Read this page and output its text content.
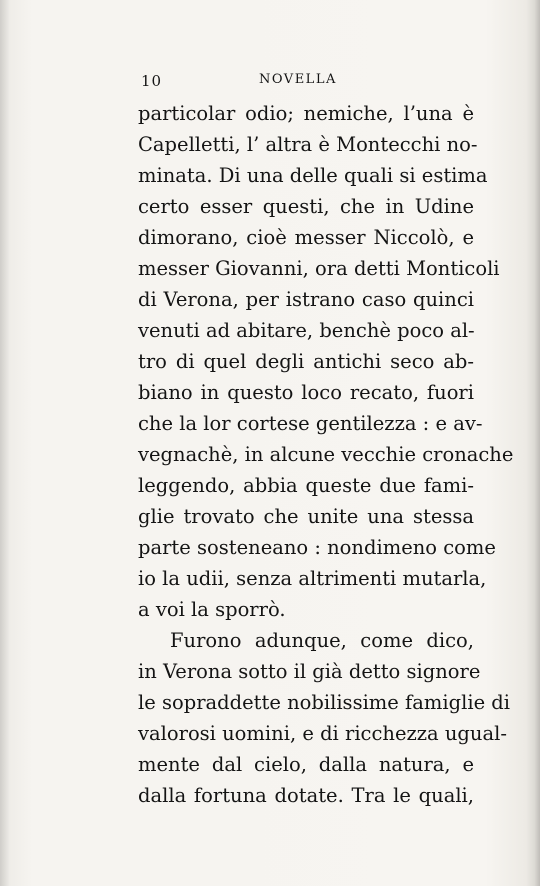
10	NOVELLA
particolar odio; nemiche, l’una è
Capelletti, l’ altra è Montecchi no-
minata. Di una delle quali si estima
certo esser questi, che in Udine
dimorano, cioè messer Niccolò, e
messer Giovanni, ora detti Monticoli
di Verona, per istrano caso quinci
venuti ad abitare, benchè poco al-
tro di quel degli antichi seco ab-
biano in questo loco recato, fuori
che la lor cortese gentilezza : e av-
vegnachè, in alcune vecchie cronache
leggendo, abbia queste due fami-
glie trovato che unite una stessa
parte sosteneano : nondimeno come
io la udii, senza altrimenti mutarla,
a voi la sporrò.
Furono adunque, come dico,
in Verona sotto il già detto signore
le sopraddette nobilissime famiglie di
valorosi uomini, e di ricchezza ugual-
mente dal cielo, dalla natura, e
dalla fortuna dotate. Tra le quali,
